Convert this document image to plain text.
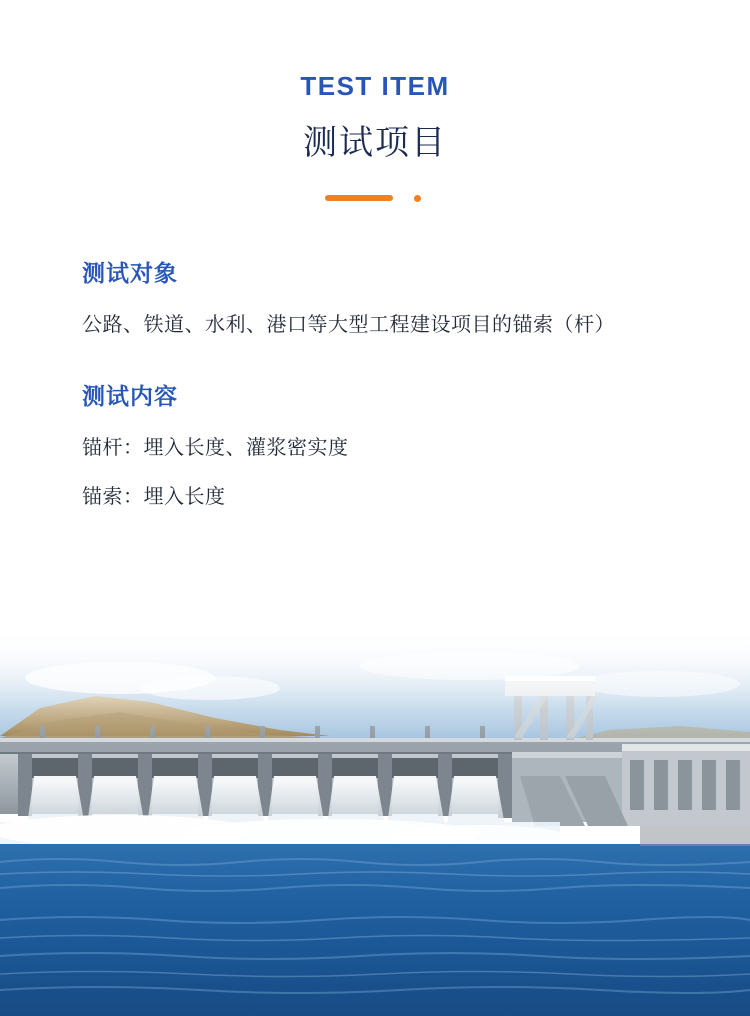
TEST ITEM
测试项目
测试对象
公路、铁道、水利、港口等大型工程建设项目的锚索（杆）
测试内容
锚杆：埋入长度、灌浆密实度
锚索：埋入长度
